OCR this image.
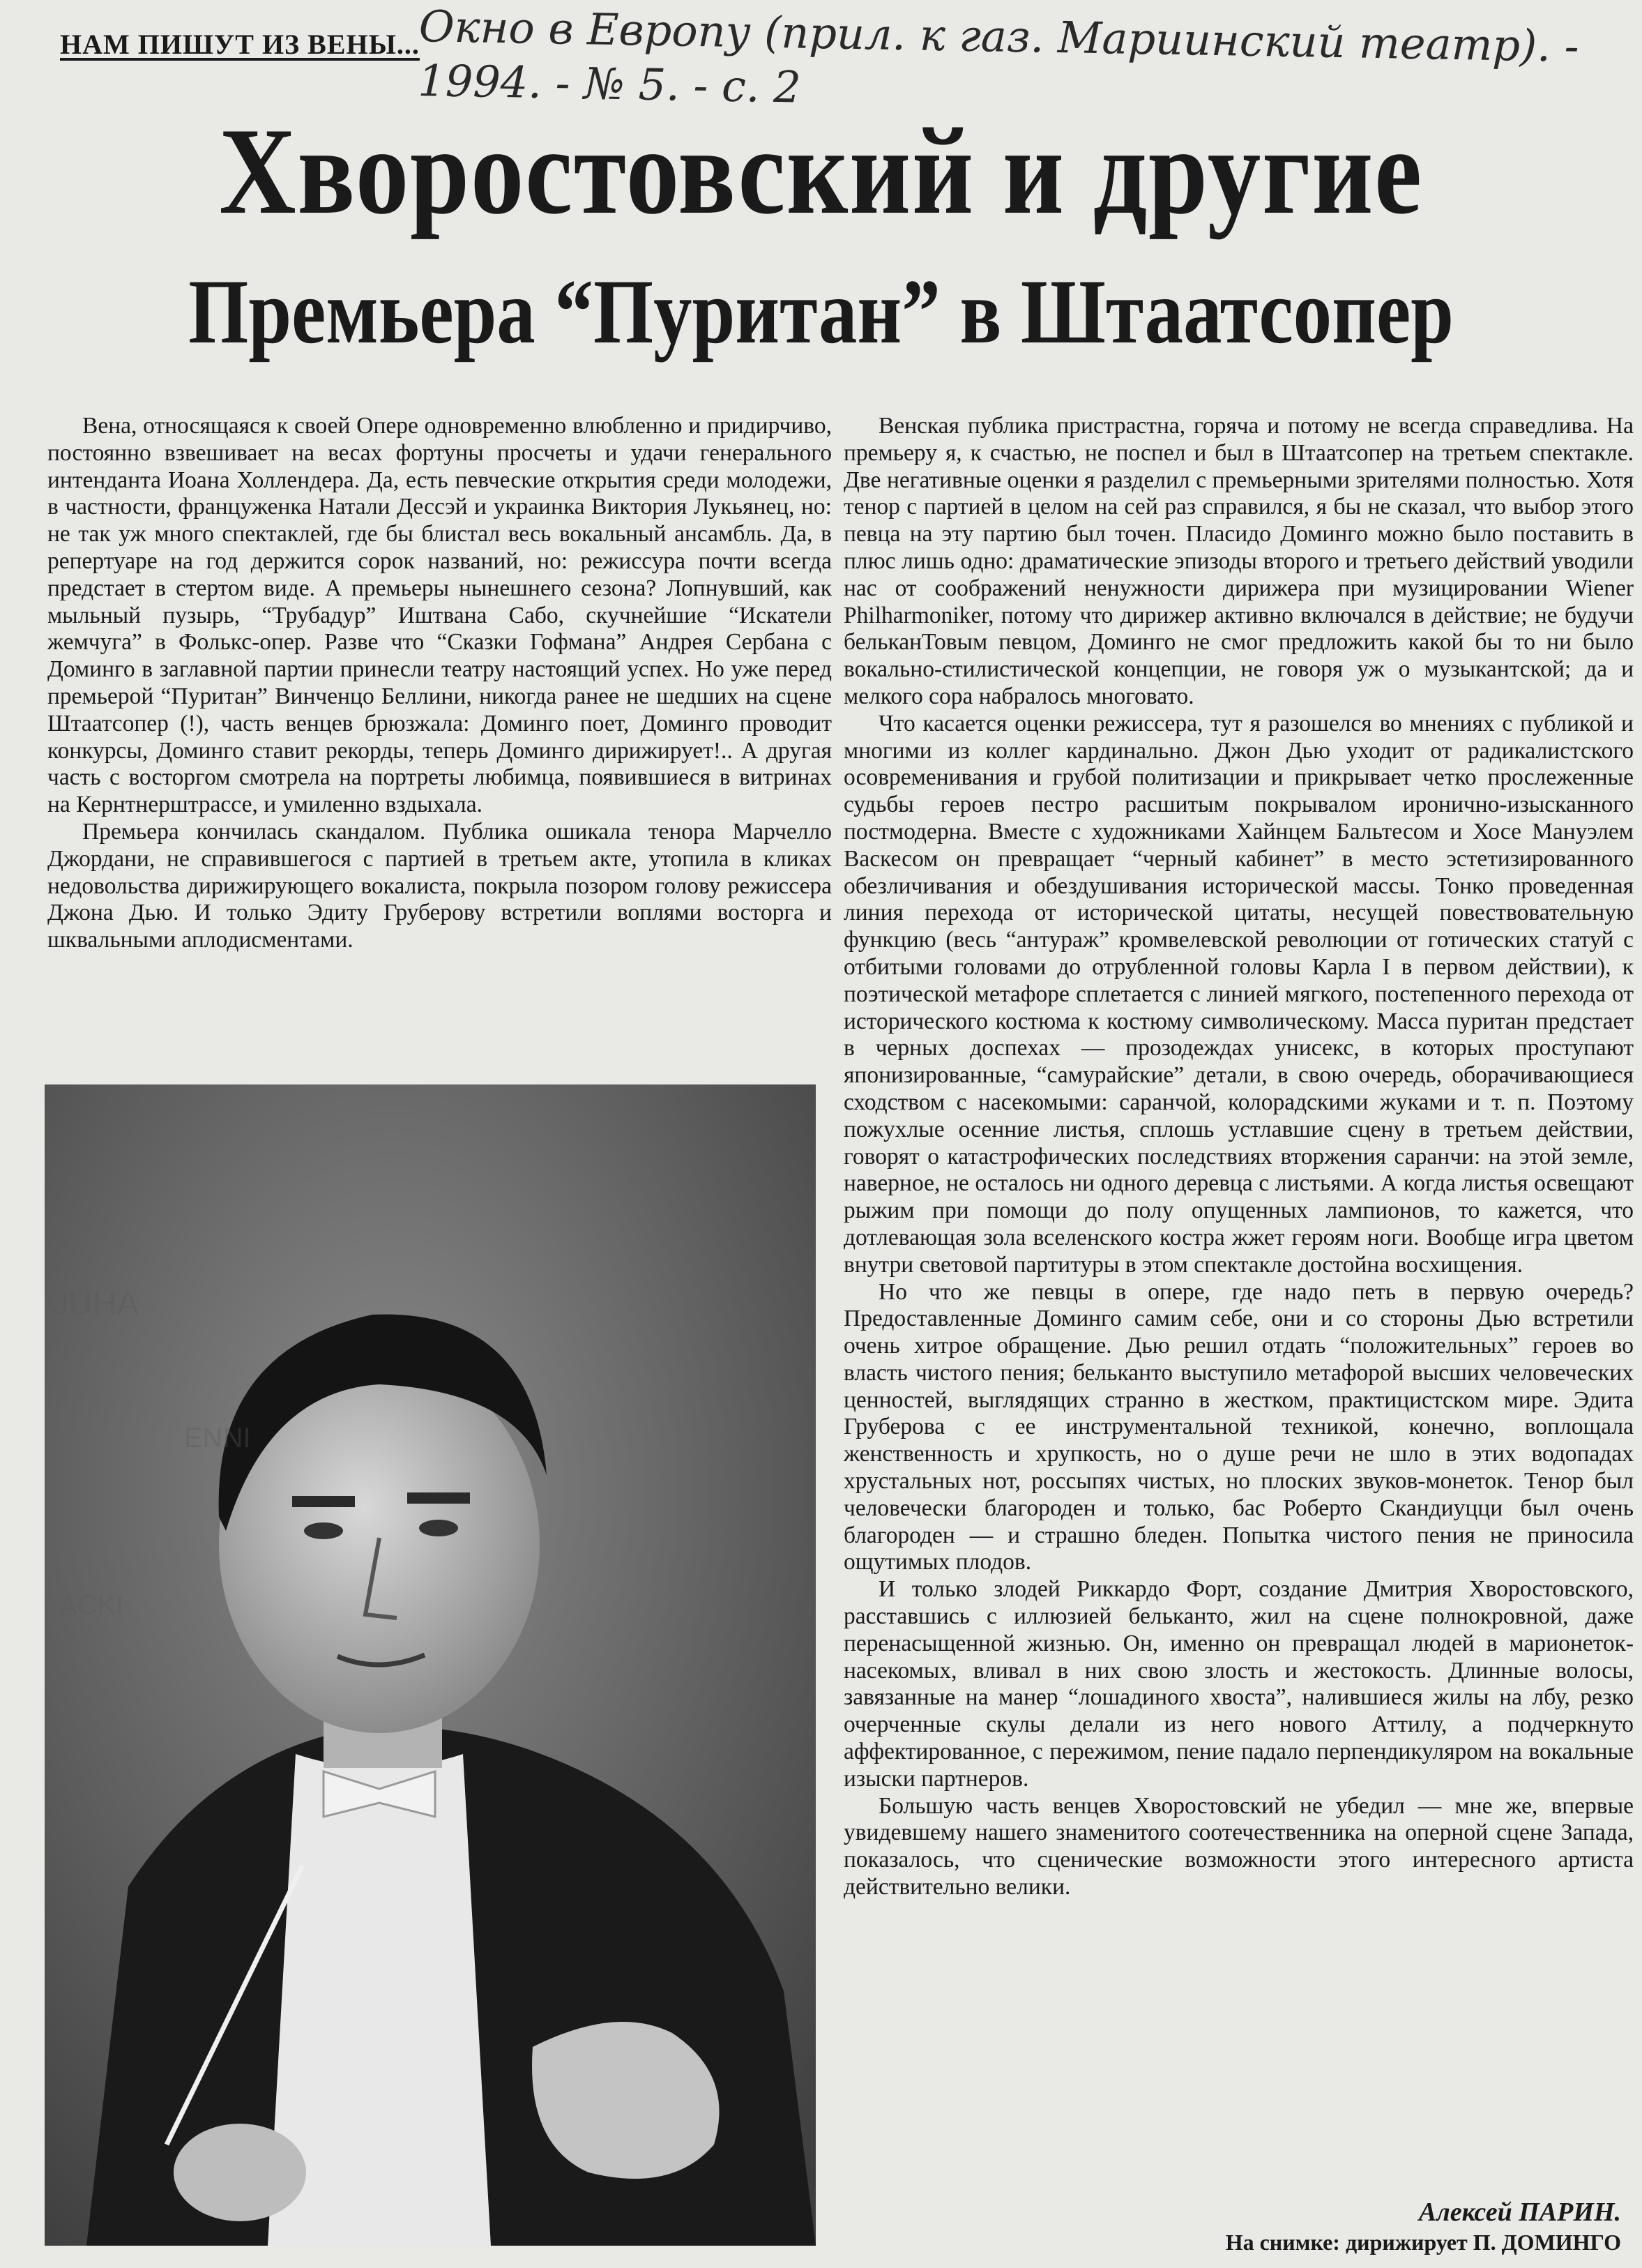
НАМ ПИШУТ ИЗ ВЕНЫ...
Окно в Европу (прил. к газ. Мариинский театр). - 1994. - № 5. - с. 2
Хворостовский и другие
Премьера “Пуритан” в Штаатсопер

Вена, относящаяся к своей Опере одновременно влюбленно и придирчиво, постоянно взвешивает на весах фортуны просчеты и удачи генерального интенданта Иоана Холлендера. Да, есть певческие открытия среди молодежи, в частности, француженка Натали Дессэй и украинка Виктория Лукьянец, но: не так уж много спектаклей, где бы блистал весь вокальный ансамбль. Да, в репертуаре на год держится сорок названий, но: режиссура почти всегда предстает в стертом виде. А премьеры нынешнего сезона? Лопнувший, как мыльный пузырь, “Трубадур” Иштвана Сабо, скучнейшие “Искатели жемчуга” в Фолькс-опер. Разве что “Сказки Гофмана” Андрея Сербана с Доминго в заглавной партии принесли театру настоящий успех. Но уже перед премьерой “Пуритан” Винченцо Беллини, никогда ранее не шедших на сцене Штаатсопер (!), часть венцев брюзжала: Доминго поет, Доминго проводит конкурсы, Доминго ставит рекорды, теперь Доминго дирижирует!.. А другая часть с восторгом смотрела на портреты любимца, появившиеся в витринах на Кернтнерштрассе, и умиленно вздыхала.

Премьера кончилась скандалом. Публика ошикала тенора Марчелло Джордани, не справившегося с партией в третьем акте, утопила в кликах недовольства дирижирующего вокалиста, покрыла позором голову режиссера Джона Дью. И только Эдиту Груберову встретили воплями восторга и шквальными аплодисментами.

JUHA
ENNI
ACKI

Венская публика пристрастна, горяча и потому не всегда справедлива. На премьеру я, к счастью, не поспел и был в Штаатсопер на третьем спектакле. Две негативные оценки я разделил с премьерными зрителями полностью. Хотя тенор с партией в целом на сей раз справился, я бы не сказал, что выбор этого певца на эту партию был точен. Пласидо Доминго можно было поставить в плюс лишь одно: драматические эпизоды второго и третьего действий уводили нас от соображений ненужности дирижера при музицировании Wiener Philharmoniker, потому что дирижер активно включался в действие; не будучи бельканТовым певцом, Доминго не смог предложить какой бы то ни было вокально-стилистической концепции, не говоря уж о музыкантской; да и мелкого сора набралось многовато.

Что касается оценки режиссера, тут я разошелся во мнениях с публикой и многими из коллег кардинально. Джон Дью уходит от радикалистского осовременивания и грубой политизации и прикрывает четко прослеженные судьбы героев пестро расшитым покрывалом иронично-изысканного постмодерна. Вместе с художниками Хайнцем Бальтесом и Хосе Мануэлем Васкесом он превращает “черный кабинет” в место эстетизированного обезличивания и обездушивания исторической массы. Тонко проведенная линия перехода от исторической цитаты, несущей повествовательную функцию (весь “антураж” кромвелевской революции от готических статуй с отбитыми головами до отрубленной головы Карла I в первом действии), к поэтической метафоре сплетается с линией мягкого, постепенного перехода от исторического костюма к костюму символическому. Масса пуритан предстает в черных доспехах — прозодеждах унисекс, в которых проступают японизированные, “самурайские” детали, в свою очередь, оборачивающиеся сходством с насекомыми: саранчой, колорадскими жуками и т. п. Поэтому пожухлые осенние листья, сплошь устлавшие сцену в третьем действии, говорят о катастрофических последствиях вторжения саранчи: на этой земле, наверное, не осталось ни одного деревца с листьями. А когда листья освещают рыжим при помощи до полу опущенных лампионов, то кажется, что дотлевающая зола вселенского костра жжет героям ноги. Вообще игра цветом внутри световой партитуры в этом спектакле достойна восхищения.

Но что же певцы в опере, где надо петь в первую очередь? Предоставленные Доминго самим себе, они и со стороны Дью встретили очень хитрое обращение. Дью решил отдать “положительных” героев во власть чистого пения; бельканто выступило метафорой высших человеческих ценностей, выглядящих странно в жестком, практицистском мире. Эдита Груберова с ее инструментальной техникой, конечно, воплощала женственность и хрупкость, но о душе речи не шло в этих водопадах хрустальных нот, россыпях чистых, но плоских звуков-монеток. Тенор был человечески благороден и только, бас Роберто Скандиуцци был очень благороден — и страшно бледен. Попытка чистого пения не приносила ощутимых плодов.

И только злодей Риккардо Форт, создание Дмитрия Хворостовского, расставшись с иллюзией бельканто, жил на сцене полнокровной, даже перенасыщенной жизнью. Он, именно он превращал людей в марионеток-насекомых, вливал в них свою злость и жестокость. Длинные волосы, завязанные на манер “лошадиного хвоста”, налившиеся жилы на лбу, резко очерченные скулы делали из него нового Аттилу, а подчеркнуто аффектированное, с пережимом, пение падало перпендикуляром на вокальные изыски партнеров.

Большую часть венцев Хворостовский не убедил — мне же, впервые увидевшему нашего знаменитого соотечественника на оперной сцене Запада, показалось, что сценические возможности этого интересного артиста действительно велики.

Алексей ПАРИН.
На снимке: дирижирует П. ДОМИНГО
